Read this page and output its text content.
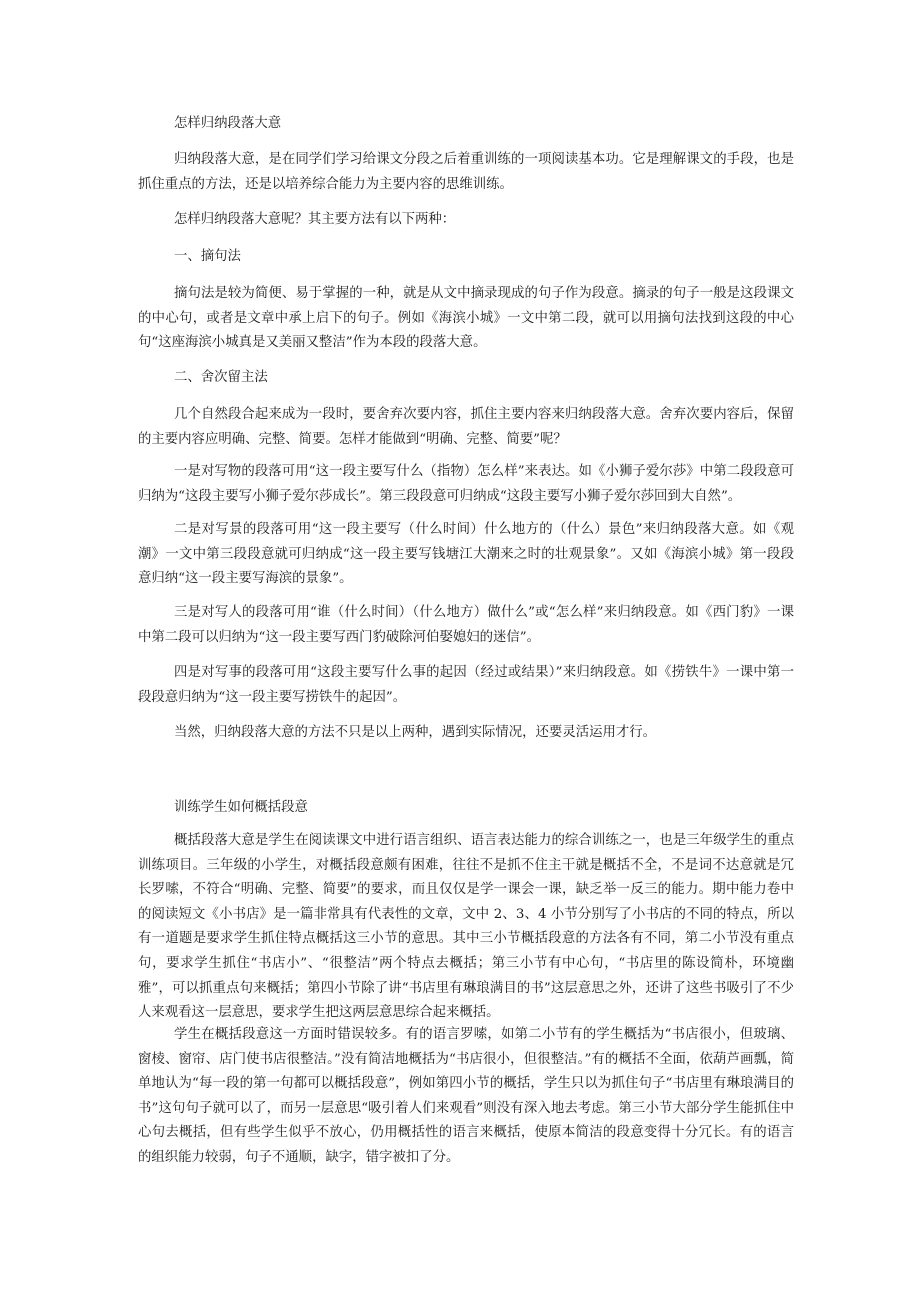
怎样归纳段落大意

归纳段落大意，是在同学们学习给课文分段之后着重训练的一项阅读基本功。它是理解课文的手段，也是抓住重点的方法，还是以培养综合能力为主要内容的思维训练。

怎样归纳段落大意呢？其主要方法有以下两种：

一、摘句法

摘句法是较为简便、易于掌握的一种，就是从文中摘录现成的句子作为段意。摘录的句子一般是这段课文的中心句，或者是文章中承上启下的句子。例如《海滨小城》一文中第二段，就可以用摘句法找到这段的中心句“这座海滨小城真是又美丽又整洁”作为本段的段落大意。

二、舍次留主法

几个自然段合起来成为一段时，要舍弃次要内容，抓住主要内容来归纳段落大意。舍弃次要内容后，保留的主要内容应明确、完整、简要。怎样才能做到“明确、完整、简要”呢？

一是对写物的段落可用“这一段主要写什么（指物）怎么样”来表达。如《小狮子爱尔莎》中第二段段意可归纳为“这段主要写小狮子爱尔莎成长”。第三段段意可归纳成“这段主要写小狮子爱尔莎回到大自然”。

二是对写景的段落可用“这一段主要写（什么时间）什么地方的（什么）景色”来归纳段落大意。如《观潮》一文中第三段段意就可归纳成“这一段主要写钱塘江大潮来之时的壮观景象”。又如《海滨小城》第一段段意归纳“这一段主要写海滨的景象”。

三是对写人的段落可用“谁（什么时间）（什么地方）做什么”或“怎么样”来归纳段意。如《西门豹》一课中第二段可以归纳为“这一段主要写西门豹破除河伯娶媳妇的迷信”。

四是对写事的段落可用“这段主要写什么事的起因（经过或结果）”来归纳段意。如《捞铁牛》一课中第一段段意归纳为“这一段主要写捞铁牛的起因”。

当然，归纳段落大意的方法不只是以上两种，遇到实际情况，还要灵活运用才行。

训练学生如何概括段意

概括段落大意是学生在阅读课文中进行语言组织、语言表达能力的综合训练之一，也是三年级学生的重点训练项目。三年级的小学生，对概括段意颇有困难，往往不是抓不住主干就是概括不全，不是词不达意就是冗长罗嗦，不符合“明确、完整、简要”的要求，而且仅仅是学一课会一课，缺乏举一反三的能力。期中能力卷中的阅读短文《小书店》是一篇非常具有代表性的文章，文中 2、3、4 小节分别写了小书店的不同的特点，所以有一道题是要求学生抓住特点概括这三小节的意思。其中三小节概括段意的方法各有不同，第二小节没有重点句，要求学生抓住“书店小”、“很整洁”两个特点去概括；第三小节有中心句，“书店里的陈设简朴，环境幽雅”，可以抓重点句来概括；第四小节除了讲“书店里有琳琅满目的书”这层意思之外，还讲了这些书吸引了不少人来观看这一层意思，要求学生把这两层意思综合起来概括。

学生在概括段意这一方面时错误较多。有的语言罗嗦，如第二小节有的学生概括为“书店很小，但玻璃、窗棱、窗帘、店门使书店很整洁。”没有简洁地概括为“书店很小，但很整洁。”有的概括不全面，依葫芦画瓢，简单地认为“每一段的第一句都可以概括段意”，例如第四小节的概括，学生只以为抓住句子“书店里有琳琅满目的书”这句句子就可以了，而另一层意思“吸引着人们来观看”则没有深入地去考虑。第三小节大部分学生能抓住中心句去概括，但有些学生似乎不放心，仍用概括性的语言来概括，使原本简洁的段意变得十分冗长。有的语言的组织能力较弱，句子不通顺，缺字，错字被扣了分。
